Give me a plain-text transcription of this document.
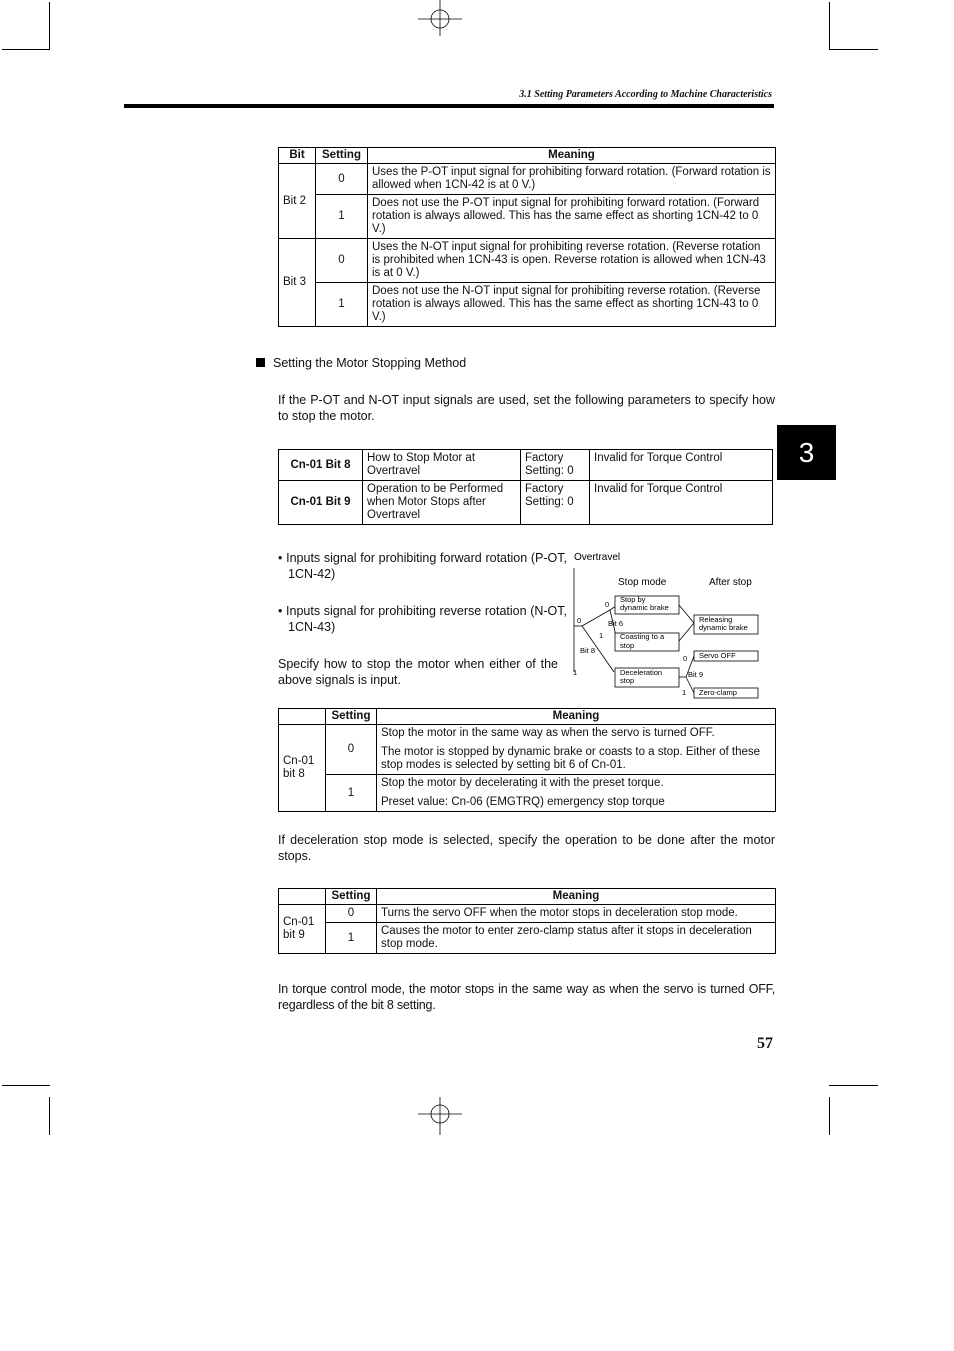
3.1 Setting Parameters According to Machine Characteristics
3
Bit	Setting	Meaning
Bit 2	0	Uses the P-OT input signal for prohibiting forward rotation. (Forward rotation is allowed when 1CN-42 is at 0 V.)
	1	Does not use the P-OT input signal for prohibiting forward rotation. (Forward rotation is always allowed. This has the same effect as shorting 1CN-42 to 0 V.)
Bit 3	0	Uses the N-OT input signal for prohibiting reverse rotation. (Reverse rotation is prohibited when 1CN-43 is open. Reverse rotation is allowed when 1CN-43 is at 0 V.)
	1	Does not use the N-OT input signal for prohibiting reverse rotation. (Reverse rotation is always allowed. This has the same effect as shorting 1CN-43 to 0 V.)
Setting the Motor Stopping Method
If the P-OT and N-OT input signals are used, set the following parameters to specify how to stop the motor.
Cn-01 Bit 8	How to Stop Motor at Overtravel	Factory Setting: 0	Invalid for Torque Control
Cn-01 Bit 9	Operation to be Performed when Motor Stops after Overtravel	Factory Setting: 0	Invalid for Torque Control
• Inputs signal for prohibiting forward rotation (P-OT, 1CN-42)
• Inputs signal for prohibiting reverse rotation (N-OT, 1CN-43)
Specify how to stop the motor when either of the above signals is input.
Overtravel
Stop mode	After stop
Stop by
dynamic brake
Coasting to a
stop
Releasing
dynamic brake
Deceleration
stop
Servo OFF
Zero-clamp
Bit 6
Bit 8
Bit 9
0
1
0
1
0
1
	Setting	Meaning
Cn-01 bit 8	0	Stop the motor in the same way as when the servo is turned OFF.
The motor is stopped by dynamic brake or coasts to a stop. Either of these stop modes is selected by setting bit 6 of Cn-01.

	1	Stop the motor by decelerating it with the preset torque.
Preset value: Cn-06 (EMGTRQ) emergency stop torque
If deceleration stop mode is selected, specify the operation to be done after the motor stops.
	Setting	Meaning
Cn-01 bit 9	0	Turns the servo OFF when the motor stops in deceleration stop mode.
	1	Causes the motor to enter zero-clamp status after it stops in deceleration stop mode.
In torque control mode, the motor stops in the same way as when the servo is turned OFF, regardless of the bit 8 setting.
57
